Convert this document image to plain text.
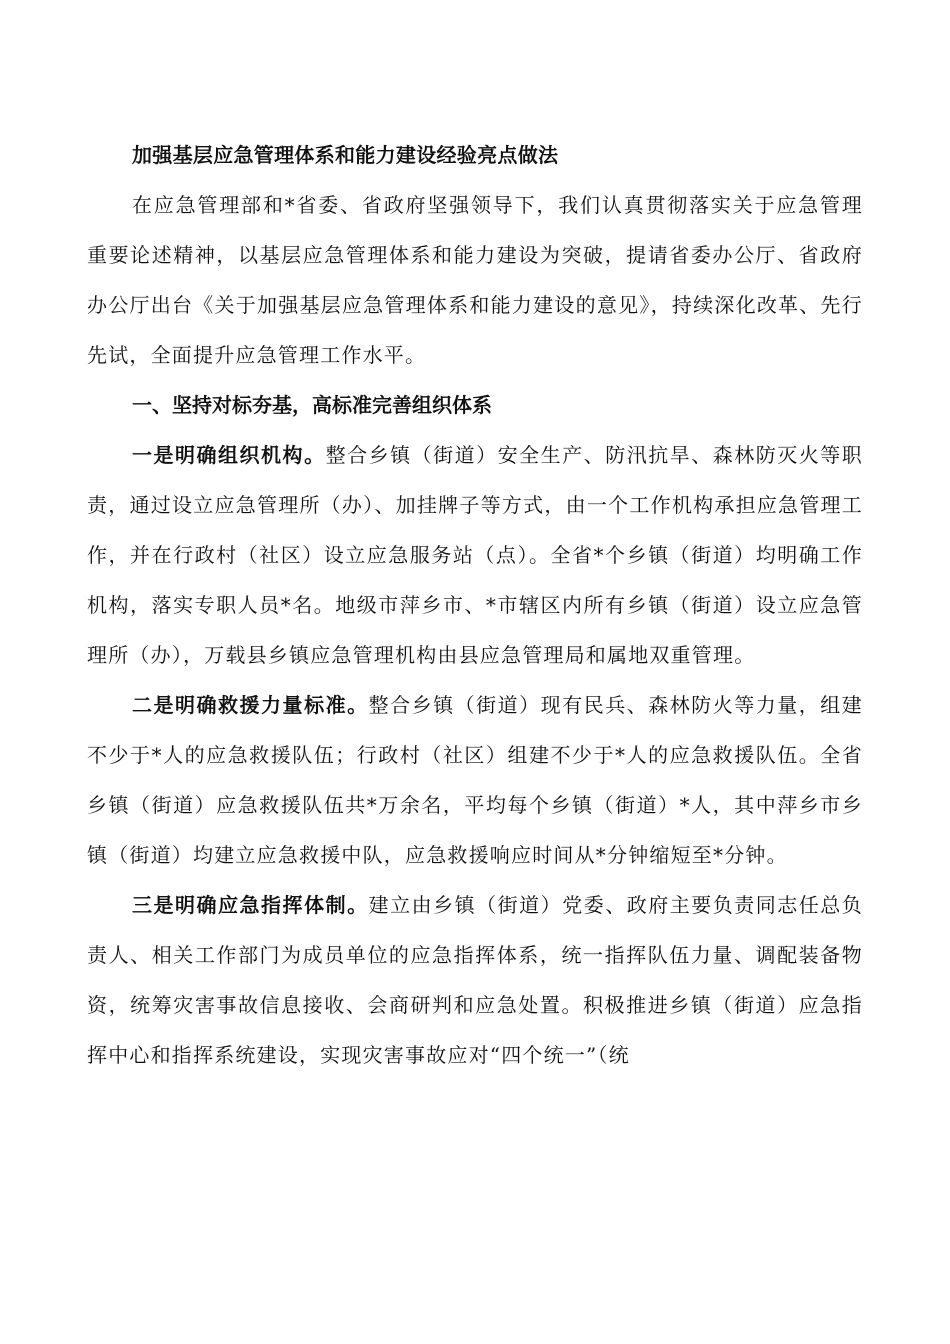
加强基层应急管理体系和能力建设经验亮点做法

在应急管理部和*省委、省政府坚强领导下，我们认真贯彻落实关于应急管理重要论述精神，以基层应急管理体系和能力建设为突破，提请省委办公厅、省政府办公厅出台《关于加强基层应急管理体系和能力建设的意见》，持续深化改革、先行先试，全面提升应急管理工作水平。

一、坚持对标夯基，高标准完善组织体系

一是明确组织机构。整合乡镇（街道）安全生产、防汛抗旱、森林防灭火等职责，通过设立应急管理所（办）、加挂牌子等方式，由一个工作机构承担应急管理工作，并在行政村（社区）设立应急服务站（点）。全省*个乡镇（街道）均明确工作机构，落实专职人员*名。地级市萍乡市、*市辖区内所有乡镇（街道）设立应急管理所（办），万载县乡镇应急管理机构由县应急管理局和属地双重管理。

二是明确救援力量标准。整合乡镇（街道）现有民兵、森林防火等力量，组建不少于*人的应急救援队伍；行政村（社区）组建不少于*人的应急救援队伍。全省乡镇（街道）应急救援队伍共*万余名，平均每个乡镇（街道）*人，其中萍乡市乡镇（街道）均建立应急救援中队，应急救援响应时间从*分钟缩短至*分钟。

三是明确应急指挥体制。建立由乡镇（街道）党委、政府主要负责同志任总负责人、相关工作部门为成员单位的应急指挥体系，统一指挥队伍力量、调配装备物资，统筹灾害事故信息接收、会商研判和应急处置。积极推进乡镇（街道）应急指挥中心和指挥系统建设，实现灾害事故应对“四个统一”（统
